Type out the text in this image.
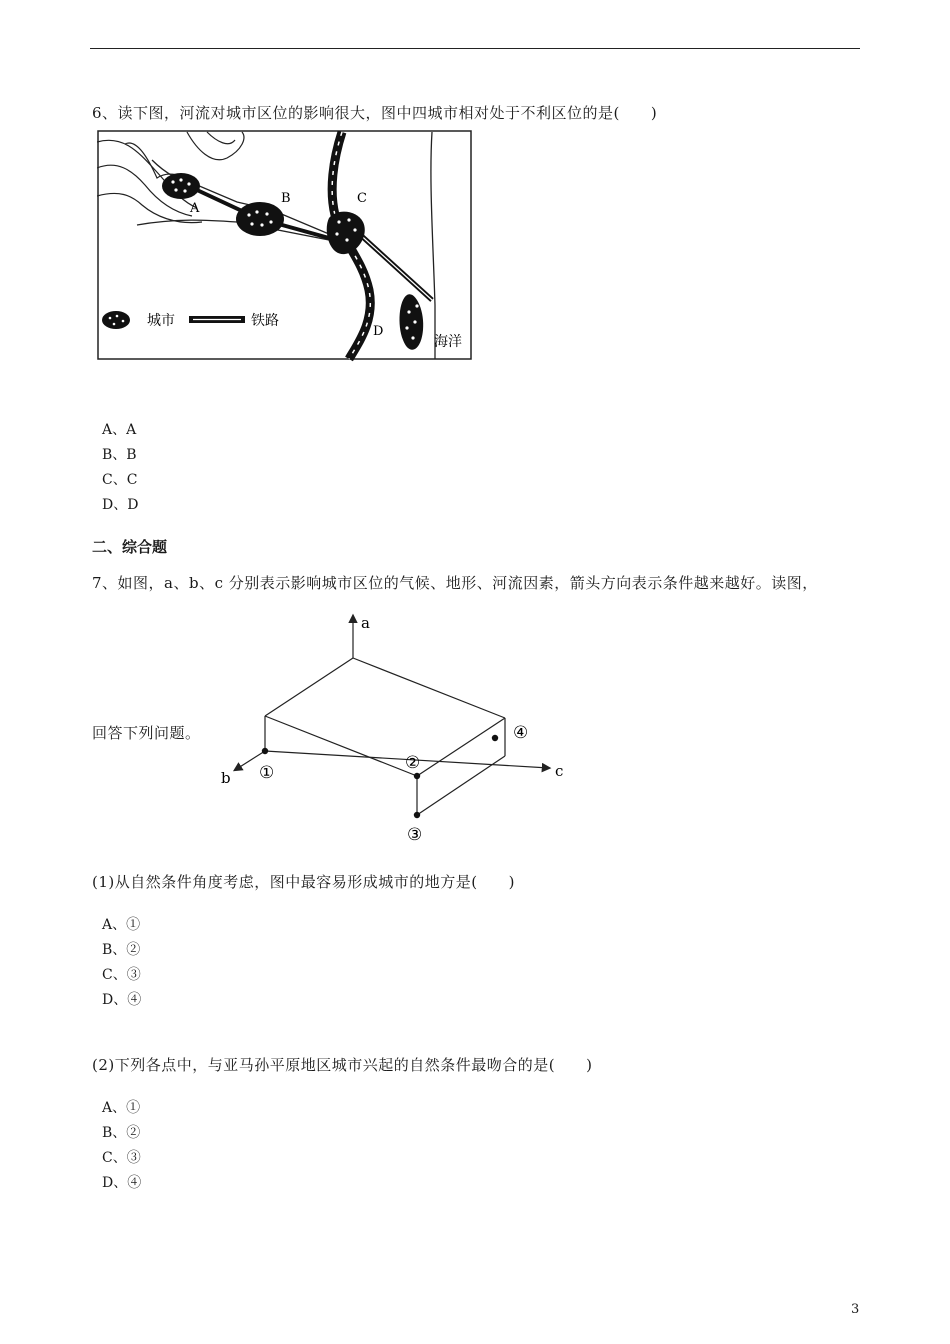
6、读下图，河流对城市区位的影响很大，图中四城市相对处于不利区位的是(　　)
A
B	C
D
海洋
城市	铁路
A、A
B、B
C、C
D、D
二、综合题
7、如图，a、b、c 分别表示影响城市区位的气候、地形、河流因素，箭头方向表示条件越来越好。读图，
回答下列问题。
a
b	c
①	②
③
④
(1)从自然条件角度考虑，图中最容易形成城市的地方是(　　)
A、①
B、②
C、③
D、④
(2)下列各点中，与亚马孙平原地区城市兴起的自然条件最吻合的是(　　)
A、①
B、②
C、③
D、④
3
